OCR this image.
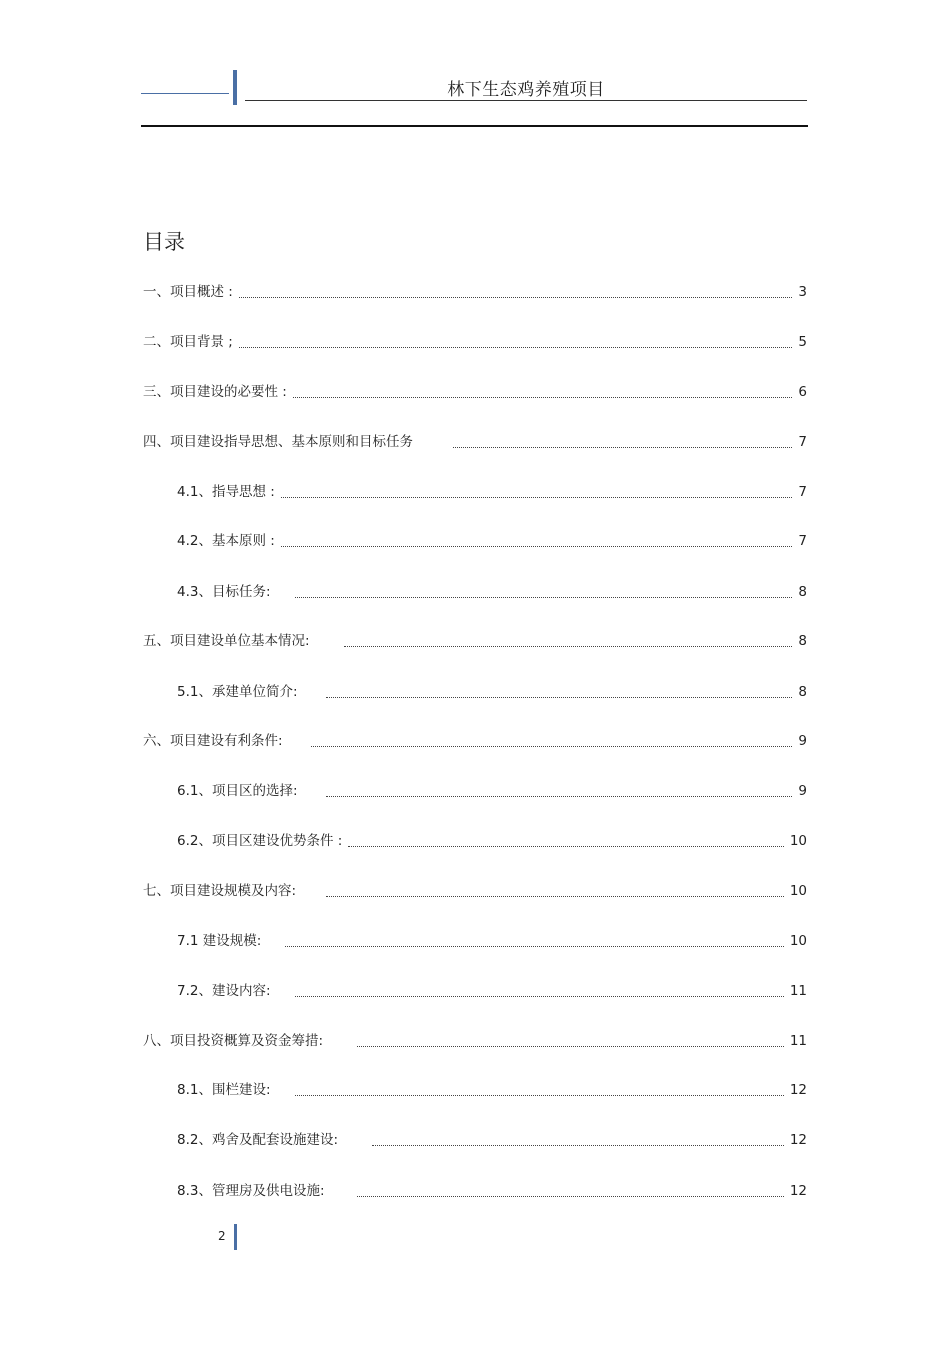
林下生态鸡养殖项目
目录
一、项目概述 :	3
二、项目背景 ;	5
三、项目建设的必要性 :	6
四、项目建设指导思想、基本原则和目标任务	7
4.1、指导思想 :	7
4.2、基本原则 :	7
4.3、目标任务:	8
五、项目建设单位基本情况:	8
5.1、承建单位简介:	8
六、项目建设有利条件:	9
6.1、项目区的选择:	9
6.2、项目区建设优势条件 :	10
七、项目建设规模及内容:	10
7.1 建设规模:	10
7.2、建设内容:	11
八、项目投资概算及资金筹措:	11
8.1、围栏建设:	12
8.2、鸡舍及配套设施建设:	12
8.3、管理房及供电设施:	12
2
